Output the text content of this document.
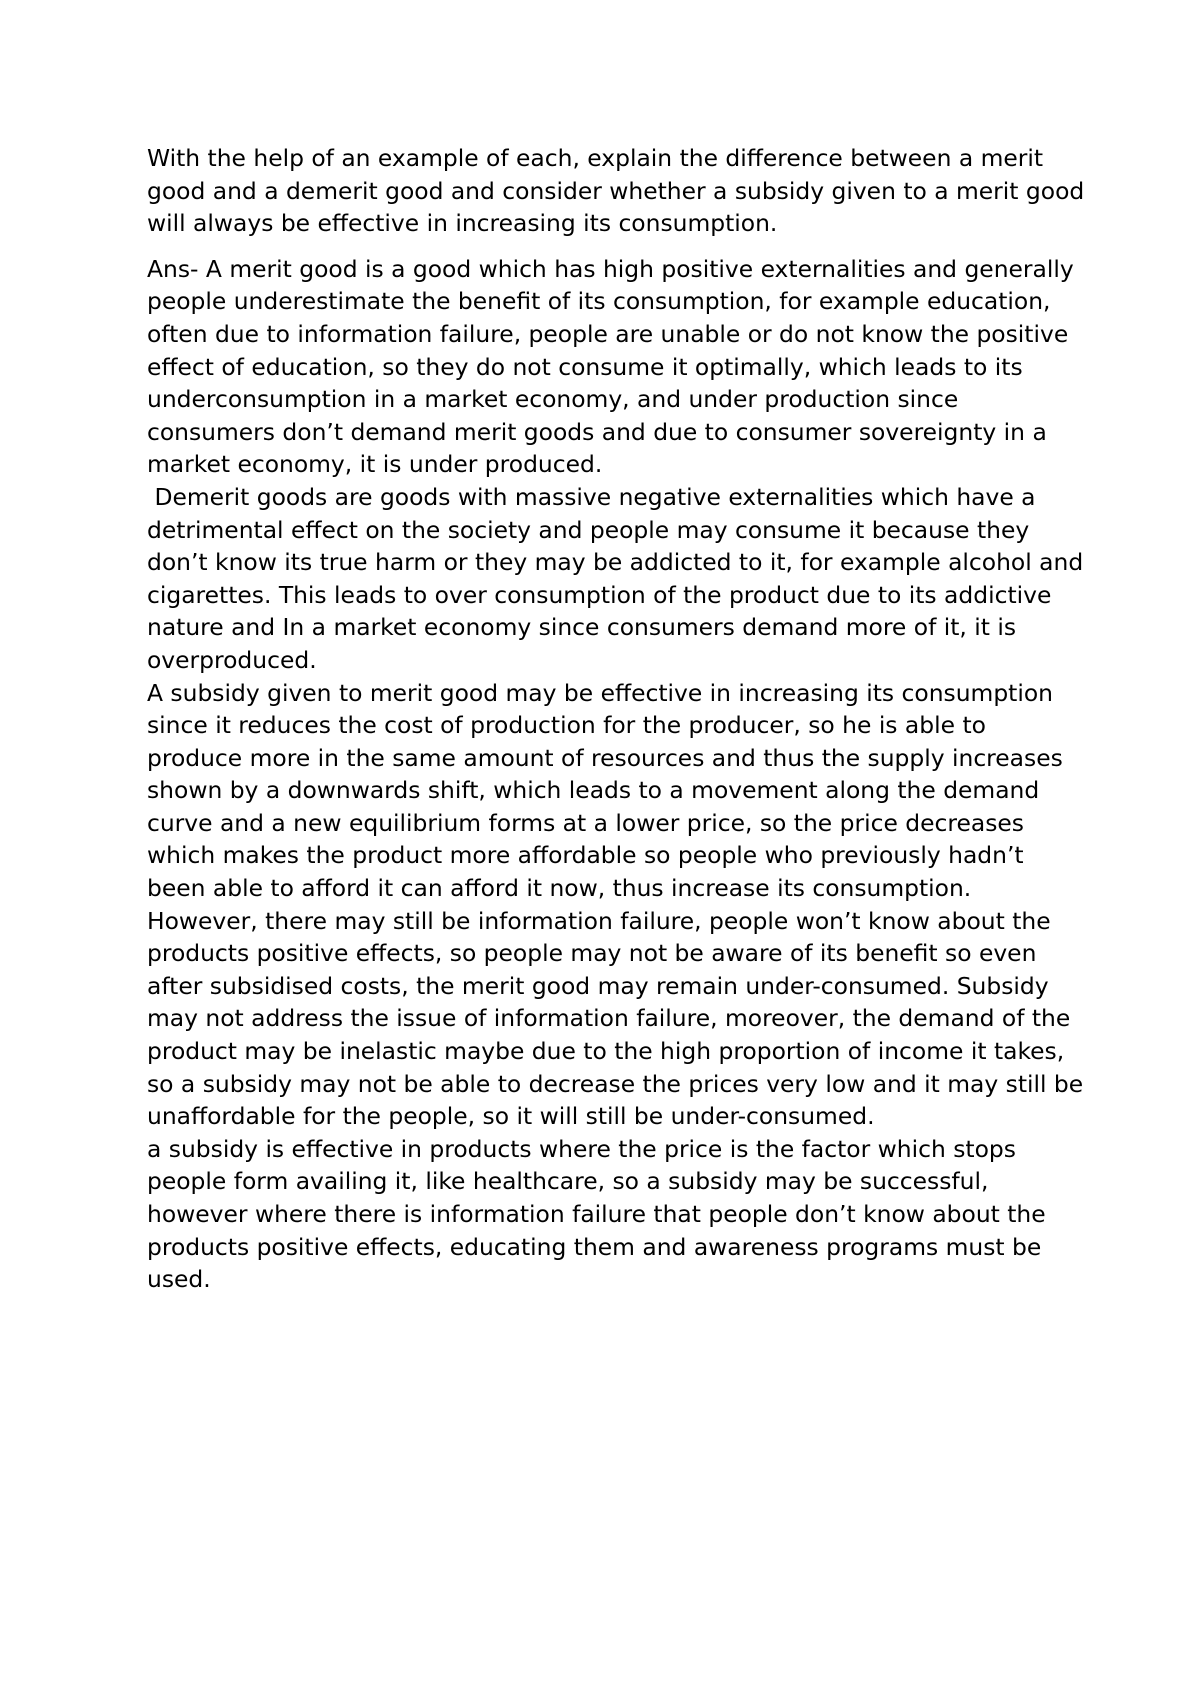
With the help of an example of each, explain the difference between a merit good and a demerit good and consider whether a subsidy given to a merit good will always be effective in increasing its consumption.

Ans- A merit good is a good which has high positive externalities and generally people underestimate the benefit of its consumption, for example education, often due to information failure, people are unable or do not know the positive effect of education, so they do not consume it optimally, which leads to its underconsumption in a market economy, and under production since consumers don’t demand merit goods and due to consumer sovereignty in a market economy, it is under produced.

Demerit goods are goods with massive negative externalities which have a detrimental effect on the society and people may consume it because they don’t know its true harm or they may be addicted to it, for example alcohol and cigarettes. This leads to over consumption of the product due to its addictive nature and In a market economy since consumers demand more of it, it is overproduced.

A subsidy given to merit good may be effective in increasing its consumption since it reduces the cost of production for the producer, so he is able to produce more in the same amount of resources and thus the supply increases shown by a downwards shift, which leads to a movement along the demand curve and a new equilibrium forms at a lower price, so the price decreases which makes the product more affordable so people who previously hadn’t been able to afford it can afford it now, thus increase its consumption. However, there may still be information failure, people won’t know about the products positive effects, so people may not be aware of its benefit so even after subsidised costs, the merit good may remain under-consumed. Subsidy may not address the issue of information failure, moreover, the demand of the product may be inelastic maybe due to the high proportion of income it takes, so a subsidy may not be able to decrease the prices very low and it may still be unaffordable for the people, so it will still be under-consumed.

a subsidy is effective in products where the price is the factor which stops people form availing it, like healthcare, so a subsidy may be successful, however where there is information failure that people don’t know about the products positive effects, educating them and awareness programs must be used.
